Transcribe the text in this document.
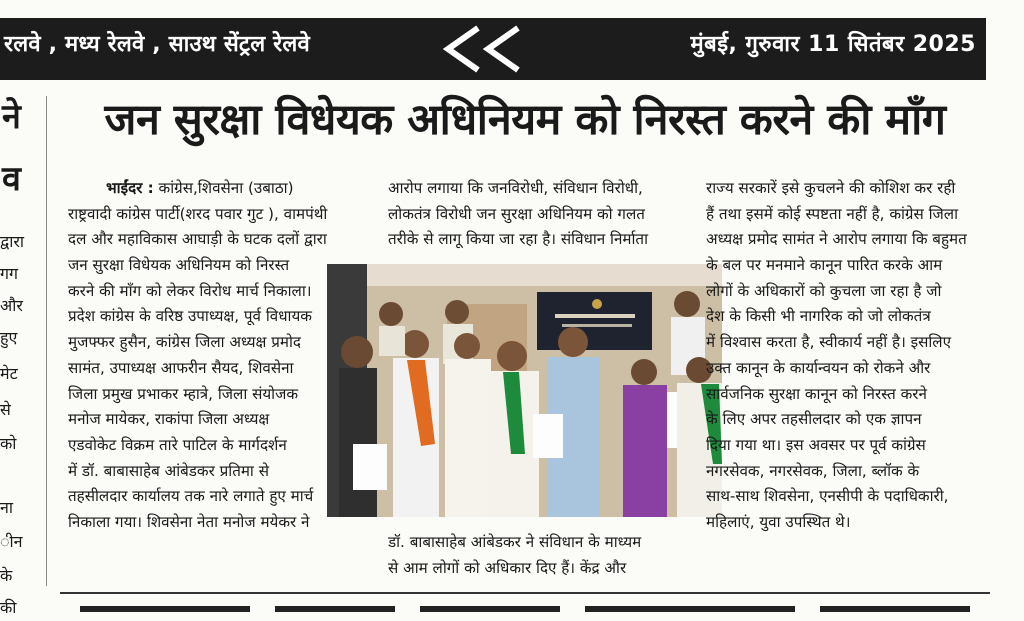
रलवे , मध्य रेलवे , साउथ सेंट्रल रेलवे	मुंबई, गुरुवार 11 सितंबर 2025
ने
व
द्वारा
गग
और
हुए
मेट
से
को
ना
ीन
के
की
जन सुरक्षा विधेयक अधिनियम को निरस्त करने की माँग
भाईंदर : कांग्रेस,शिवसेना (उबाठा)
राष्ट्रवादी कांग्रेस पार्टी(शरद पवार गुट ), वामपंथी
दल और महाविकास आघाड़ी के घटक दलों द्वारा
जन सुरक्षा विधेयक अधिनियम को निरस्त
करने की माँग को लेकर विरोध मार्च निकाला।
प्रदेश कांग्रेस के वरिष्ठ उपाध्यक्ष, पूर्व विधायक
मुजफ्फर हुसैन, कांग्रेस जिला अध्यक्ष प्रमोद
सामंत, उपाध्यक्ष आफरीन सैयद, शिवसेना
जिला प्रमुख प्रभाकर म्हात्रे, जिला संयोजक
मनोज मायेकर, राकांपा जिला अध्यक्ष
एडवोकेट विक्रम तारे पाटिल के मार्गदर्शन
में डॉ. बाबासाहेब आंबेडकर प्रतिमा से
तहसीलदार कार्यालय तक नारे लगाते हुए मार्च
निकाला गया। शिवसेना नेता मनोज मयेकर ने
आरोप लगाया कि जनविरोधी, संविधान विरोधी,
लोकतंत्र विरोधी जन सुरक्षा अधिनियम को गलत
तरीके से लागू किया जा रहा है। संविधान निर्माता
डॉ. बाबासाहेब आंबेडकर ने संविधान के माध्यम
से आम लोगों को अधिकार दिए हैं। केंद्र और
राज्य सरकारें इसे कुचलने की कोशिश कर रही
हैं तथा इसमें कोई स्पष्टता नहीं है, कांग्रेस जिला
अध्यक्ष प्रमोद सामंत ने आरोप लगाया कि बहुमत
के बल पर मनमाने कानून पारित करके आम
लोगों के अधिकारों को कुचला जा रहा है जो
देश के किसी भी नागरिक को जो लोकतंत्र
में विश्वास करता है, स्वीकार्य नहीं है। इसलिए
उक्त कानून के कार्यान्वयन को रोकने और
सार्वजनिक सुरक्षा कानून को निरस्त करने
के लिए अपर तहसीलदार को एक ज्ञापन
दिया गया था। इस अवसर पर पूर्व कांग्रेस
नगरसेवक, नगरसेवक, जिला, ब्लॉक के
साथ-साथ शिवसेना, एनसीपी के पदाधिकारी,
महिलाएं, युवा उपस्थित थे।
